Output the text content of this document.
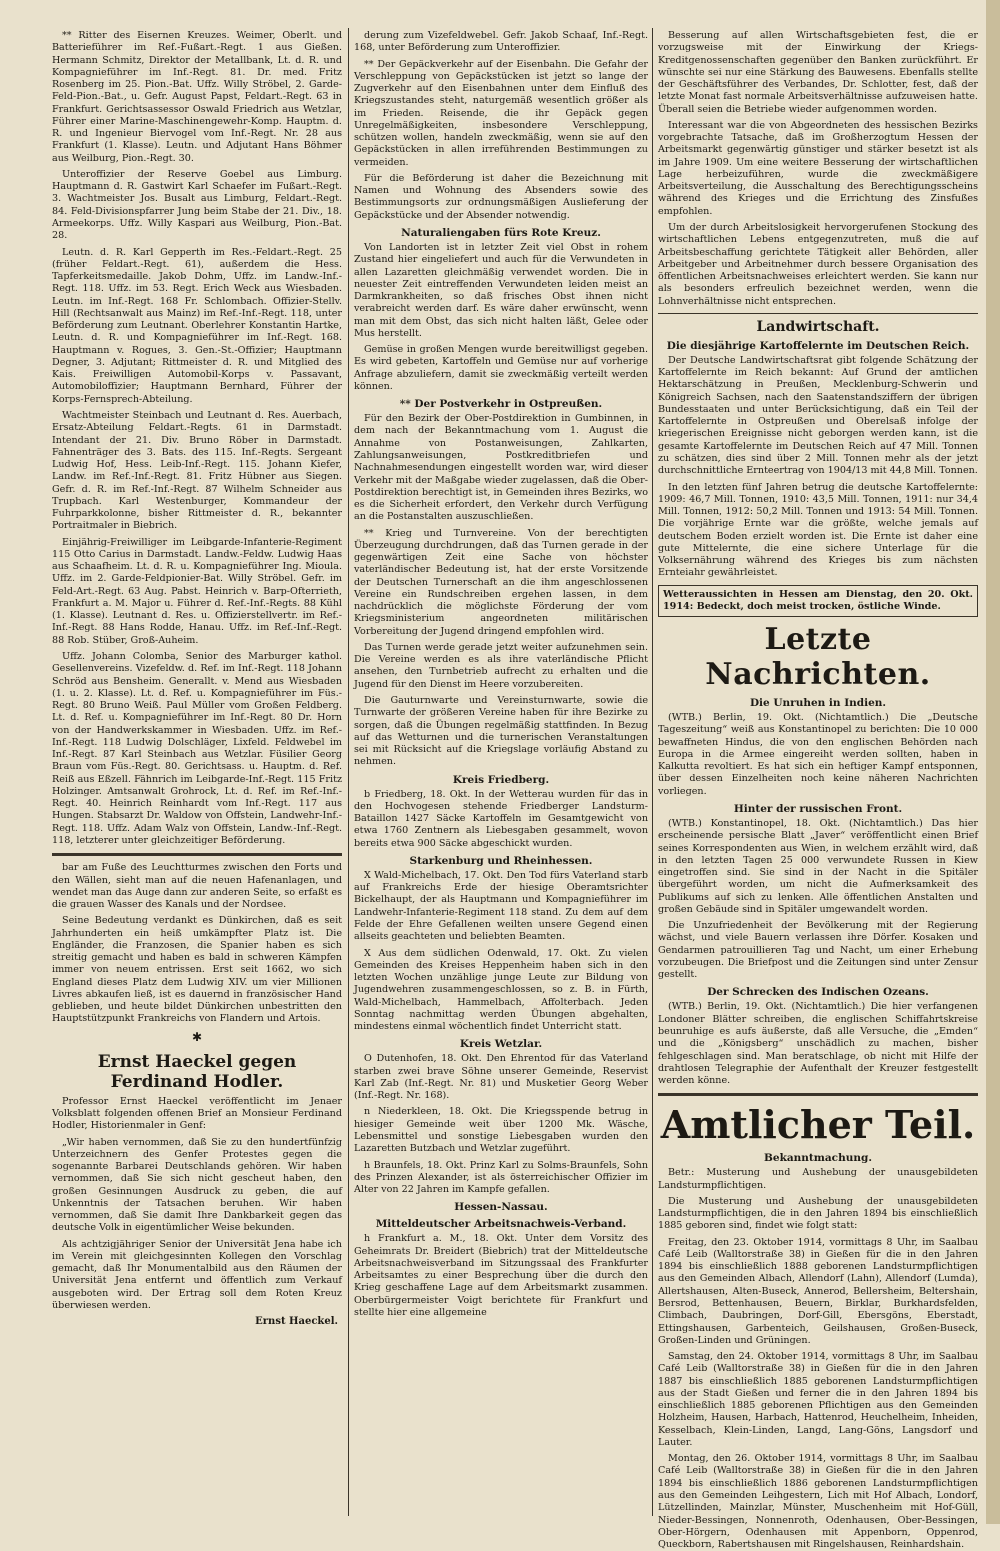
** Ritter des Eisernen Kreuzes. Weimer, Oberlt. und Batterieführer im Ref.-Fußart.-Regt. 1 aus Gießen. Hermann Schmitz, Direktor der Metallbank, Lt. d. R. und Kompagnieführer im Inf.-Regt. 81. Dr. med. Fritz Rosenberg im 25. Pion.-Bat. Uffz. Willy Ströbel, 2. Garde-Feld-Pion.-Bat., u. Gefr. August Papst, Feldart.-Regt. 63 in Frankfurt. Gerichtsassessor Oswald Friedrich aus Wetzlar, Führer einer Marine-Maschinengewehr-Komp. Hauptm. d. R. und Ingenieur Biervogel vom Inf.-Regt. Nr. 28 aus Frankfurt (1. Klasse). Leutn. und Adjutant Hans Böhmer aus Weilburg, Pion.-Regt. 30.

Unteroffizier der Reserve Goebel aus Limburg. Hauptmann d. R. Gastwirt Karl Schaefer im Fußart.-Regt. 3. Wachtmeister Jos. Busalt aus Limburg, Feldart.-Regt. 84. Feld-Divisionspfarrer Jung beim Stabe der 21. Div., 18. Armeekorps. Uffz. Willy Kaspari aus Weilburg, Pion.-Bat. 28.

Leutn. d. R. Karl Gepperth im Res.-Feldart.-Regt. 25 (früher Feldart.-Regt. 61), außerdem die Hess. Tapferkeitsmedaille. Jakob Dohm, Uffz. im Landw.-Inf.-Regt. 118. Uffz. im 53. Regt. Erich Weck aus Wiesbaden. Leutn. im Inf.-Regt. 168 Fr. Schlombach. Offizier-Stellv. Hill (Rechtsanwalt aus Mainz) im Ref.-Inf.-Regt. 118, unter Beförderung zum Leutnant. Oberlehrer Konstantin Hartke, Leutn. d. R. und Kompagnieführer im Inf.-Regt. 168. Hauptmann v. Rogues, 3. Gen.-St.-Offizier; Hauptmann Degner, 3. Adjutant; Rittmeister d. R. und Mitglied des Kais. Freiwilligen Automobil-Korps v. Passavant, Automobiloffizier; Hauptmann Bernhard, Führer der Korps-Fernsprech-Abteilung.

Wachtmeister Steinbach und Leutnant d. Res. Auerbach, Ersatz-Abteilung Feldart.-Regts. 61 in Darmstadt. Intendant der 21. Div. Bruno Röber in Darmstadt. Fahnenträger des 3. Bats. des 115. Inf.-Regts. Sergeant Ludwig Hof, Hess. Leib-Inf.-Regt. 115. Johann Kiefer, Landw. im Ref.-Inf.-Regt. 81. Fritz Hübner aus Siegen. Gefr. d. R. im Ref.-Inf.-Regt. 87 Wilhelm Schneider aus Trupbach. Karl Westenburger, Kommandeur der Fuhrparkkolonne, bisher Rittmeister d. R., bekannter Portraitmaler in Biebrich.

Einjährig-Freiwilliger im Leibgarde-Infanterie-Regiment 115 Otto Carius in Darmstadt. Landw.-Feldw. Ludwig Haas aus Schaafheim. Lt. d. R. u. Kompagnieführer Ing. Mioula. Uffz. im 2. Garde-Feldpionier-Bat. Willy Ströbel. Gefr. im Feld-Art.-Regt. 63 Aug. Pabst. Heinrich v. Barp-Ofterrieth, Frankfurt a. M. Major u. Führer d. Ref.-Inf.-Regts. 88 Kühl (1. Klasse). Leutnant d. Res. u. Offizierstellvertr. im Ref.-Inf.-Regt. 88 Hans Rodde, Hanau. Uffz. im Ref.-Inf.-Regt. 88 Rob. Stüber, Groß-Auheim.

Uffz. Johann Colomba, Senior des Marburger kathol. Gesellenvereins. Vizefeldw. d. Ref. im Inf.-Regt. 118 Johann Schröd aus Bensheim. Generallt. v. Mend aus Wiesbaden (1. u. 2. Klasse). Lt. d. Ref. u. Kompagnieführer im Füs.-Regt. 80 Bruno Weiß. Paul Müller vom Großen Feldberg. Lt. d. Ref. u. Kompagnieführer im Inf.-Regt. 80 Dr. Horn von der Handwerkskammer in Wiesbaden. Uffz. im Ref.-Inf.-Regt. 118 Ludwig Dolschläger, Lixfeld. Feldwebel im Inf.-Regt. 87 Karl Steinbach aus Wetzlar. Füsilier Georg Braun vom Füs.-Regt. 80. Gerichtsass. u. Hauptm. d. Ref. Reiß aus Eßzell. Fähnrich im Leibgarde-Inf.-Regt. 115 Fritz Holzinger. Amtsanwalt Grohrock, Lt. d. Ref. im Ref.-Inf.-Regt. 40. Heinrich Reinhardt vom Inf.-Regt. 117 aus Hungen. Stabsarzt Dr. Waldow von Offstein, Landwehr-Inf.-Regt. 118. Uffz. Adam Walz von Offstein, Landw.-Inf.-Regt. 118, letzterer unter gleichzeitiger Beförderung.

bar am Fuße des Leuchtturmes zwischen den Forts und den Wällen, sieht man auf die neuen Hafenanlagen, und wendet man das Auge dann zur anderen Seite, so erfaßt es die grauen Wasser des Kanals und der Nordsee.

Seine Bedeutung verdankt es Dünkirchen, daß es seit Jahrhunderten ein heiß umkämpfter Platz ist. Die Engländer, die Franzosen, die Spanier haben es sich streitig gemacht und haben es bald in schweren Kämpfen immer von neuem entrissen. Erst seit 1662, wo sich England dieses Platz dem Ludwig XIV. um vier Millionen Livres abkaufen ließ, ist es dauernd in französischer Hand geblieben, und heute bildet Dünkirchen unbestritten den Hauptstützpunkt Frankreichs von Flandern und Artois.

✱
Ernst Haeckel gegen Ferdinand Hodler.

Professor Ernst Haeckel veröffentlicht im Jenaer Volksblatt folgenden offenen Brief an Monsieur Ferdinand Hodler, Historienmaler in Genf:

„Wir haben vernommen, daß Sie zu den hundertfünfzig Unterzeichnern des Genfer Protestes gegen die sogenannte Barbarei Deutschlands gehören. Wir haben vernommen, daß Sie sich nicht gescheut haben, den großen Gesinnungen Ausdruck zu geben, die auf Unkenntnis der Tatsachen beruhen. Wir haben vernommen, daß Sie damit Ihre Dankbarkeit gegen das deutsche Volk in eigentümlicher Weise bekunden.

Als achtzigjähriger Senior der Universität Jena habe ich im Verein mit gleichgesinnten Kollegen den Vorschlag gemacht, daß Ihr Monumentalbild aus den Räumen der Universität Jena entfernt und öffentlich zum Verkauf ausgeboten wird. Der Ertrag soll dem Roten Kreuz überwiesen werden.

Ernst Haeckel.

derung zum Vizefeldwebel. Gefr. Jakob Schaaf, Inf.-Regt. 168, unter Beförderung zum Unteroffizier.

** Der Gepäckverkehr auf der Eisenbahn. Die Gefahr der Verschleppung von Gepäckstücken ist jetzt so lange der Zugverkehr auf den Eisenbahnen unter dem Einfluß des Kriegszustandes steht, naturgemäß wesentlich größer als im Frieden. Reisende, die ihr Gepäck gegen Unregelmäßigkeiten, insbesondere Verschleppung, schützen wollen, handeln zweckmäßig, wenn sie auf den Gepäckstücken in allen irreführenden Bestimmungen zu vermeiden.

Für die Beförderung ist daher die Bezeichnung mit Namen und Wohnung des Absenders sowie des Bestimmungsorts zur ordnungsmäßigen Auslieferung der Gepäckstücke und der Absender notwendig.

Naturaliengaben fürs Rote Kreuz.

Von Landorten ist in letzter Zeit viel Obst in rohem Zustand hier eingeliefert und auch für die Verwundeten in allen Lazaretten gleichmäßig verwendet worden. Die in neuester Zeit eintreffenden Verwundeten leiden meist an Darmkrankheiten, so daß frisches Obst ihnen nicht verabreicht werden darf. Es wäre daher erwünscht, wenn man mit dem Obst, das sich nicht halten läßt, Gelee oder Mus herstellt.

Gemüse in großen Mengen wurde bereitwilligst gegeben. Es wird gebeten, Kartoffeln und Gemüse nur auf vorherige Anfrage abzuliefern, damit sie zweckmäßig verteilt werden können.

** Der Postverkehr in Ostpreußen.

Für den Bezirk der Ober-Postdirektion in Gumbinnen, in dem nach der Bekanntmachung vom 1. August die Annahme von Postanweisungen, Zahlkarten, Zahlungsanweisungen, Postkreditbriefen und Nachnahmesendungen eingestellt worden war, wird dieser Verkehr mit der Maßgabe wieder zugelassen, daß die Ober-Postdirektion berechtigt ist, in Gemeinden ihres Bezirks, wo es die Sicherheit erfordert, den Verkehr durch Verfügung an die Postanstalten auszuschließen.

** Krieg und Turnvereine. Von der berechtigten Überzeugung durchdrungen, daß das Turnen gerade in der gegenwärtigen Zeit eine Sache von höchster vaterländischer Bedeutung ist, hat der erste Vorsitzende der Deutschen Turnerschaft an die ihm angeschlossenen Vereine ein Rundschreiben ergehen lassen, in dem nachdrücklich die möglichste Förderung der vom Kriegsministerium angeordneten militärischen Vorbereitung der Jugend dringend empfohlen wird.

Das Turnen werde gerade jetzt weiter aufzunehmen sein. Die Vereine werden es als ihre vaterländische Pflicht ansehen, den Turnbetrieb aufrecht zu erhalten und die Jugend für den Dienst im Heere vorzubereiten.

Die Gauturnwarte und Vereinsturnwarte, sowie die Turnwarte der größeren Vereine haben für ihre Bezirke zu sorgen, daß die Übungen regelmäßig stattfinden. In Bezug auf das Wetturnen und die turnerischen Veranstaltungen sei mit Rücksicht auf die Kriegslage vorläufig Abstand zu nehmen.

Kreis Friedberg.

b Friedberg, 18. Okt. In der Wetterau wurden für das in den Hochvogesen stehende Friedberger Landsturm-Bataillon 1427 Säcke Kartoffeln im Gesamtgewicht von etwa 1760 Zentnern als Liebesgaben gesammelt, wovon bereits etwa 900 Säcke abgeschickt wurden.

Starkenburg und Rheinhessen.

X Wald-Michelbach, 17. Okt. Den Tod fürs Vaterland starb auf Frankreichs Erde der hiesige Oberamtsrichter Bickelhaupt, der als Hauptmann und Kompagnieführer im Landwehr-Infanterie-Regiment 118 stand. Zu dem auf dem Felde der Ehre Gefallenen weilten unsere Gegend einen allseits geachteten und beliebten Beamten.

X Aus dem südlichen Odenwald, 17. Okt. Zu vielen Gemeinden des Kreises Heppenheim haben sich in den letzten Wochen unzählige junge Leute zur Bildung von Jugendwehren zusammengeschlossen, so z. B. in Fürth, Wald-Michelbach, Hammelbach, Affolterbach. Jeden Sonntag nachmittag werden Übungen abgehalten, mindestens einmal wöchentlich findet Unterricht statt.

Kreis Wetzlar.

O Dutenhofen, 18. Okt. Den Ehrentod für das Vaterland starben zwei brave Söhne unserer Gemeinde, Reservist Karl Zab (Inf.-Regt. Nr. 81) und Musketier Georg Weber (Inf.-Regt. Nr. 168).

n Niederkleen, 18. Okt. Die Kriegsspende betrug in hiesiger Gemeinde weit über 1200 Mk. Wäsche, Lebensmittel und sonstige Liebesgaben wurden den Lazaretten Butzbach und Wetzlar zugeführt.

h Braunfels, 18. Okt. Prinz Karl zu Solms-Braunfels, Sohn des Prinzen Alexander, ist als österreichischer Offizier im Alter von 22 Jahren im Kampfe gefallen.

Hessen-Nassau.
Mitteldeutscher Arbeitsnachweis-Verband.

h Frankfurt a. M., 18. Okt. Unter dem Vorsitz des Geheimrats Dr. Breidert (Biebrich) trat der Mitteldeutsche Arbeitsnachweisverband im Sitzungssaal des Frankfurter Arbeitsamtes zu einer Besprechung über die durch den Krieg geschaffene Lage auf dem Arbeitsmarkt zusammen. Oberbürgermeister Voigt berichtete für Frankfurt und stellte hier eine allgemeine

Besserung auf allen Wirtschaftsgebieten fest, die er vorzugsweise mit der Einwirkung der Kriegs-Kreditgenossenschaften gegenüber den Banken zurückführt. Er wünschte sei nur eine Stärkung des Bauwesens. Ebenfalls stellte der Geschäftsführer des Verbandes, Dr. Schlotter, fest, daß der letzte Monat fast normale Arbeitsverhältnisse aufzuweisen hatte. Überall seien die Betriebe wieder aufgenommen worden.

Interessant war die von Abgeordneten des hessischen Bezirks vorgebrachte Tatsache, daß im Großherzogtum Hessen der Arbeitsmarkt gegenwärtig günstiger und stärker besetzt ist als im Jahre 1909. Um eine weitere Besserung der wirtschaftlichen Lage herbeizuführen, wurde die zweckmäßigere Arbeitsverteilung, die Ausschaltung des Berechtigungsscheins während des Krieges und die Errichtung des Zinsfußes empfohlen.

Um der durch Arbeitslosigkeit hervorgerufenen Stockung des wirtschaftlichen Lebens entgegenzutreten, muß die auf Arbeitsbeschaffung gerichtete Tätigkeit aller Behörden, aller Arbeitgeber und Arbeitnehmer durch bessere Organisation des öffentlichen Arbeitsnachweises erleichtert werden. Sie kann nur als besonders erfreulich bezeichnet werden, wenn die Lohnverhältnisse nicht entsprechen.

Landwirtschaft.
Die diesjährige Kartoffelernte im Deutschen Reich.

Der Deutsche Landwirtschaftsrat gibt folgende Schätzung der Kartoffelernte im Reich bekannt: Auf Grund der amtlichen Hektarschätzung in Preußen, Mecklenburg-Schwerin und Königreich Sachsen, nach den Saatenstandsziffern der übrigen Bundesstaaten und unter Berücksichtigung, daß ein Teil der Kartoffelernte in Ostpreußen und Oberelsaß infolge der kriegerischen Ereignisse nicht geborgen werden kann, ist die gesamte Kartoffelernte im Deutschen Reich auf 47 Mill. Tonnen zu schätzen, dies sind über 2 Mill. Tonnen mehr als der jetzt durchschnittliche Ernteertrag von 1904/13 mit 44,8 Mill. Tonnen.

In den letzten fünf Jahren betrug die deutsche Kartoffelernte: 1909: 46,7 Mill. Tonnen, 1910: 43,5 Mill. Tonnen, 1911: nur 34,4 Mill. Tonnen, 1912: 50,2 Mill. Tonnen und 1913: 54 Mill. Tonnen. Die vorjährige Ernte war die größte, welche jemals auf deutschem Boden erzielt worden ist. Die Ernte ist daher eine gute Mittelernte, die eine sichere Unterlage für die Volksernährung während des Krieges bis zum nächsten Ernteiahr gewährleistet.

Wetteraussichten in Hessen am Dienstag, den 20. Okt. 1914: Bedeckt, doch meist trocken, östliche Winde.
Letzte Nachrichten.
Die Unruhen in Indien.

(WTB.) Berlin, 19. Okt. (Nichtamtlich.) Die „Deutsche Tageszeitung“ weiß aus Konstantinopel zu berichten: Die 10 000 bewaffneten Hindus, die von den englischen Behörden nach Europa in die Armee eingereiht werden sollten, haben in Kalkutta revoltiert. Es hat sich ein heftiger Kampf entsponnen, über dessen Einzelheiten noch keine näheren Nachrichten vorliegen.

Hinter der russischen Front.

(WTB.) Konstantinopel, 18. Okt. (Nichtamtlich.) Das hier erscheinende persische Blatt „Javer“ veröffentlicht einen Brief seines Korrespondenten aus Wien, in welchem erzählt wird, daß in den letzten Tagen 25 000 verwundete Russen in Kiew eingetroffen sind. Sie sind in der Nacht in die Spitäler übergeführt worden, um nicht die Aufmerksamkeit des Publikums auf sich zu lenken. Alle öffentlichen Anstalten und großen Gebäude sind in Spitäler umgewandelt worden.

Die Unzufriedenheit der Bevölkerung mit der Regierung wächst, und viele Bauern verlassen ihre Dörfer. Kosaken und Gendarmen patrouillieren Tag und Nacht, um einer Erhebung vorzubeugen. Die Briefpost und die Zeitungen sind unter Zensur gestellt.

Der Schrecken des Indischen Ozeans.

(WTB.) Berlin, 19. Okt. (Nichtamtlich.) Die hier verfangenen Londoner Blätter schreiben, die englischen Schiffahrtskreise beunruhige es aufs äußerste, daß alle Versuche, die „Emden“ und die „Königsberg“ unschädlich zu machen, bisher fehlgeschlagen sind. Man beratschlage, ob nicht mit Hilfe der drahtlosen Telegraphie der Aufenthalt der Kreuzer festgestellt werden könne.

Amtlicher Teil.
Bekanntmachung.

Betr.: Musterung und Aushebung der unausgebildeten Landsturmpflichtigen.

Die Musterung und Aushebung der unausgebildeten Landsturmpflichtigen, die in den Jahren 1894 bis einschließlich 1885 geboren sind, findet wie folgt statt:

Freitag, den 23. Oktober 1914, vormittags 8 Uhr, im Saalbau Café Leib (Walltorstraße 38) in Gießen für die in den Jahren 1894 bis einschließlich 1888 geborenen Landsturmpflichtigen aus den Gemeinden Albach, Allendorf (Lahn), Allendorf (Lumda), Allertshausen, Alten-Buseck, Annerod, Bellersheim, Beltershain, Bersrod, Bettenhausen, Beuern, Birklar, Burkhardsfelden, Climbach, Daubringen, Dorf-Gill, Ebersgöns, Eberstadt, Ettingshausen, Garbenteich, Geilshausen, Großen-Buseck, Großen-Linden und Grüningen.

Samstag, den 24. Oktober 1914, vormittags 8 Uhr, im Saalbau Café Leib (Walltorstraße 38) in Gießen für die in den Jahren 1887 bis einschließlich 1885 geborenen Landsturmpflichtigen aus der Stadt Gießen und ferner die in den Jahren 1894 bis einschließlich 1885 geborenen Pflichtigen aus den Gemeinden Holzheim, Hausen, Harbach, Hattenrod, Heuchelheim, Inheiden, Kesselbach, Klein-Linden, Langd, Lang-Göns, Langsdorf und Lauter.

Montag, den 26. Oktober 1914, vormittags 8 Uhr, im Saalbau Café Leib (Walltorstraße 38) in Gießen für die in den Jahren 1894 bis einschließlich 1886 geborenen Landsturmpflichtigen aus den Gemeinden Leihgestern, Lich mit Hof Albach, Londorf, Lützellinden, Mainzlar, Münster, Muschenheim mit Hof-Güll, Nieder-Bessingen, Nonnenroth, Odenhausen, Ober-Bessingen, Ober-Hörgern, Odenhausen mit Appenborn, Oppenrod, Queckborn, Rabertshausen mit Ringelshausen, Reinhardshain.
